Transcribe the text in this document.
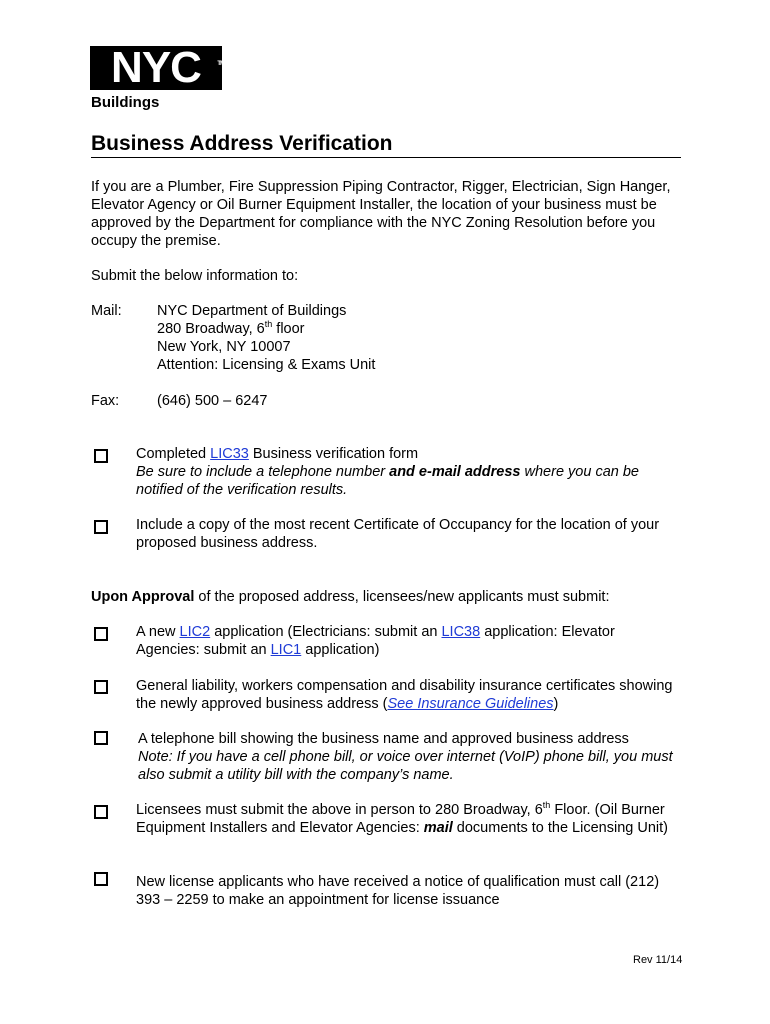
NYC	TM
Buildings
Business Address Verification
If you are a Plumber, Fire Suppression Piping Contractor, Rigger, Electrician, Sign Hanger, Elevator Agency or Oil Burner Equipment Installer, the location of your business must be approved by the Department for compliance with the NYC Zoning Resolution before you occupy the premise.
Submit the below information to:
Mail: NYC Department of Buildings
280 Broadway, 6th floor
New York, NY 10007
Attention: Licensing & Exams Unit
Fax:	(646) 500 – 6247
Completed LIC33 Business verification form
Be sure to include a telephone number and e-mail address where you can be notified of the verification results.
Include a copy of the most recent Certificate of Occupancy for the location of your proposed business address.
Upon Approval of the proposed address, licensees/new applicants must submit:
A new LIC2 application (Electricians: submit an LIC38 application: Elevator Agencies: submit an LIC1 application)
General liability, workers compensation and disability insurance certificates showing the newly approved business address (See Insurance Guidelines)
A telephone bill showing the business name and approved business address
Note: If you have a cell phone bill, or voice over internet (VoIP) phone bill, you must also submit a utility bill with the company’s name.
Licensees must submit the above in person to 280 Broadway, 6th Floor. (Oil Burner Equipment Installers and Elevator Agencies: mail documents to the Licensing Unit)
New license applicants who have received a notice of qualification must call (212) 393 – 2259 to make an appointment for license issuance
Rev 11/14
